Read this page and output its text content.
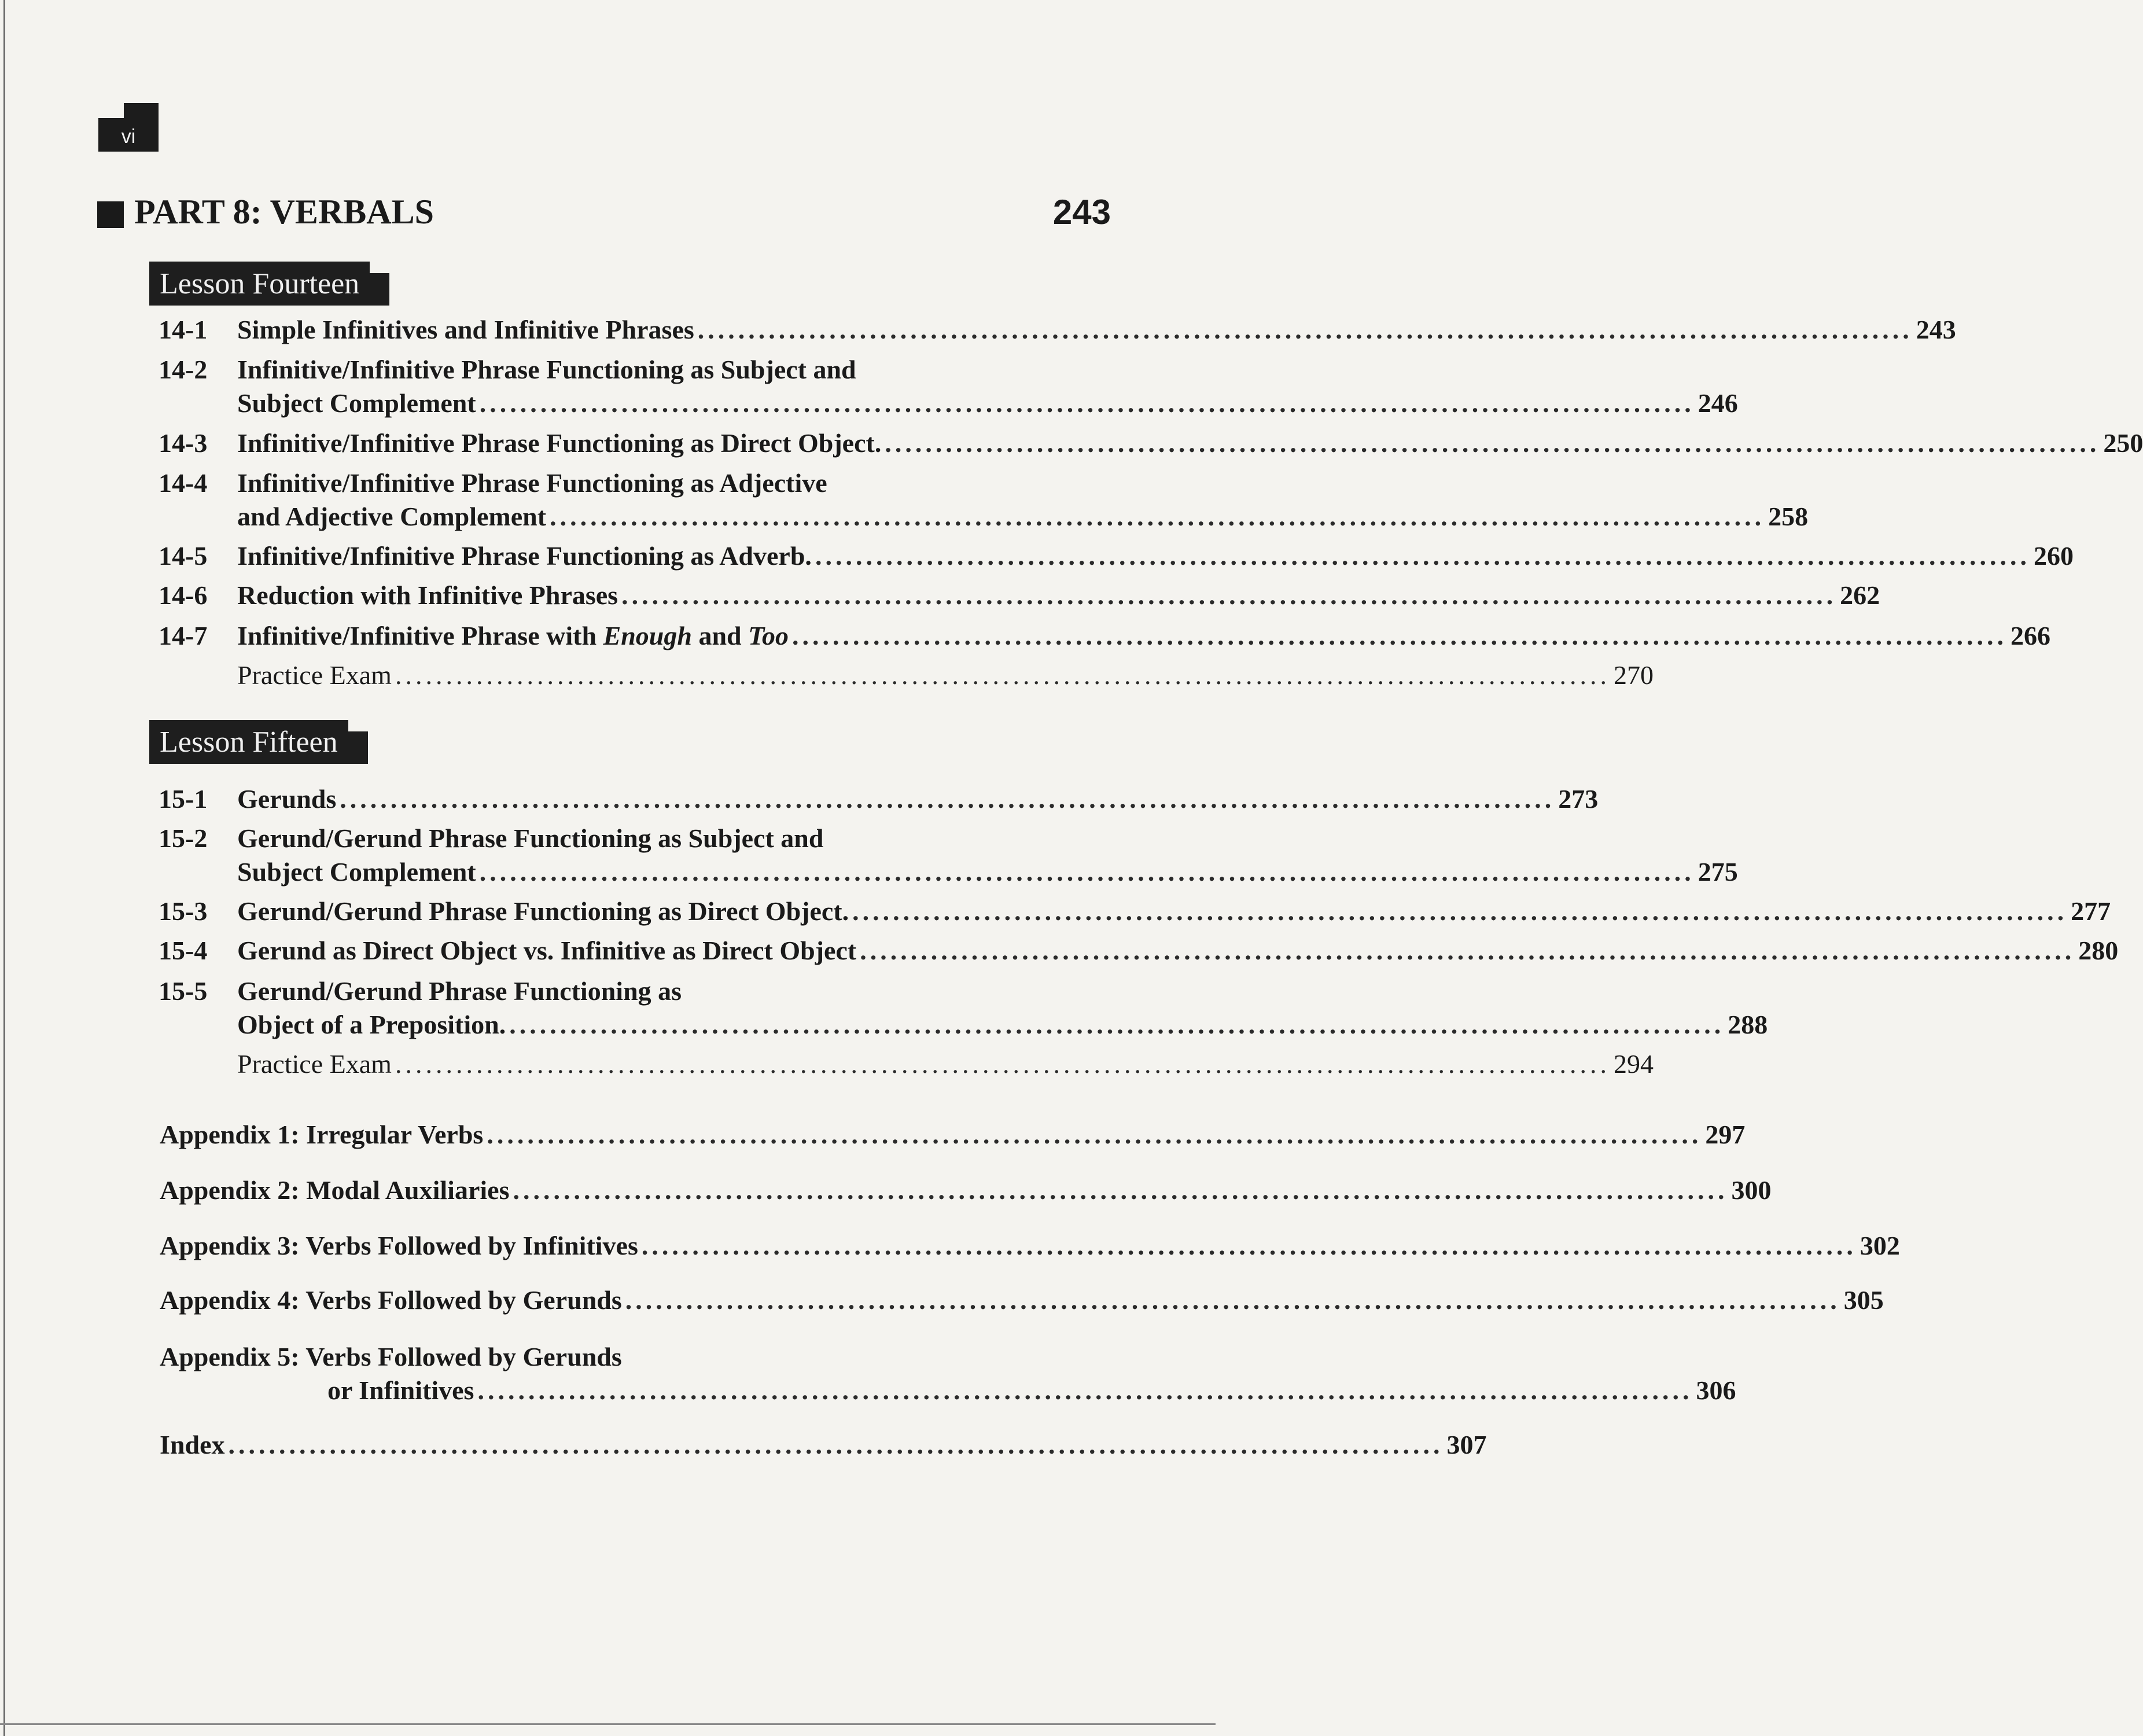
vi
PART 8: VERBALS	243
Lesson Fourteen
14-1	Simple Infinitives and Infinitive Phrases ........................................................................................................................ 243
14-2	Infinitive/Infinitive Phrase Functioning as Subject and
Subject Complement ........................................................................................................................ 246
14-3	Infinitive/Infinitive Phrase Functioning as Direct Object. ........................................................................................................................ 250
14-4	Infinitive/Infinitive Phrase Functioning as Adjective
and Adjective Complement ........................................................................................................................ 258
14-5	Infinitive/Infinitive Phrase Functioning as Adverb. ........................................................................................................................ 260
14-6	Reduction with Infinitive Phrases ........................................................................................................................ 262
14-7	Infinitive/Infinitive Phrase with Enough and Too ........................................................................................................................ 266
Practice Exam ........................................................................................................................ 270
Lesson Fifteen
15-1	Gerunds ........................................................................................................................ 273
15-2	Gerund/Gerund Phrase Functioning as Subject and
Subject Complement ........................................................................................................................ 275
15-3	Gerund/Gerund Phrase Functioning as Direct Object. ........................................................................................................................ 277
15-4	Gerund as Direct Object vs. Infinitive as Direct Object ........................................................................................................................ 280
15-5	Gerund/Gerund Phrase Functioning as
Object of a Preposition. ........................................................................................................................ 288
Practice Exam ........................................................................................................................ 294
Appendix 1: Irregular Verbs ........................................................................................................................ 297
Appendix 2: Modal Auxiliaries ........................................................................................................................ 300
Appendix 3: Verbs Followed by Infinitives ........................................................................................................................ 302
Appendix 4: Verbs Followed by Gerunds ........................................................................................................................ 305
Appendix 5: Verbs Followed by Gerunds
or Infinitives ........................................................................................................................ 306
Index ........................................................................................................................ 307
